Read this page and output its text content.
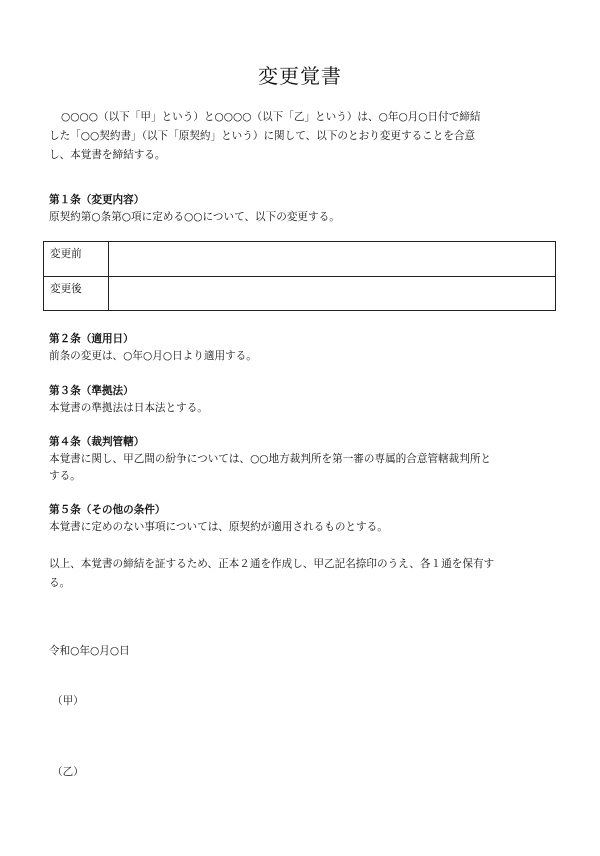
変更覚書
○○○○（以下「甲」という）と○○○○（以下「乙」という）は、○年○月○日付で締結
した「○○契約書」（以下「原契約」という）に関して、以下のとおり変更することを合意
し、本覚書を締結する。
第１条（変更内容）
原契約第○条第○項に定める○○について、以下の変更する。
変更前	
変更後	
第２条（適用日）
前条の変更は、○年○月○日より適用する。
第３条（準拠法）
本覚書の準拠法は日本法とする。
第４条（裁判管轄）
本覚書に関し、甲乙間の紛争については、○○地方裁判所を第一審の専属的合意管轄裁判所と
する。
第５条（その他の条件）
本覚書に定めのない事項については、原契約が適用されるものとする。
以上、本覚書の締結を証するため、正本２通を作成し、甲乙記名捺印のうえ、各１通を保有す
る。
令和○年○月○日
（甲）
（乙）
